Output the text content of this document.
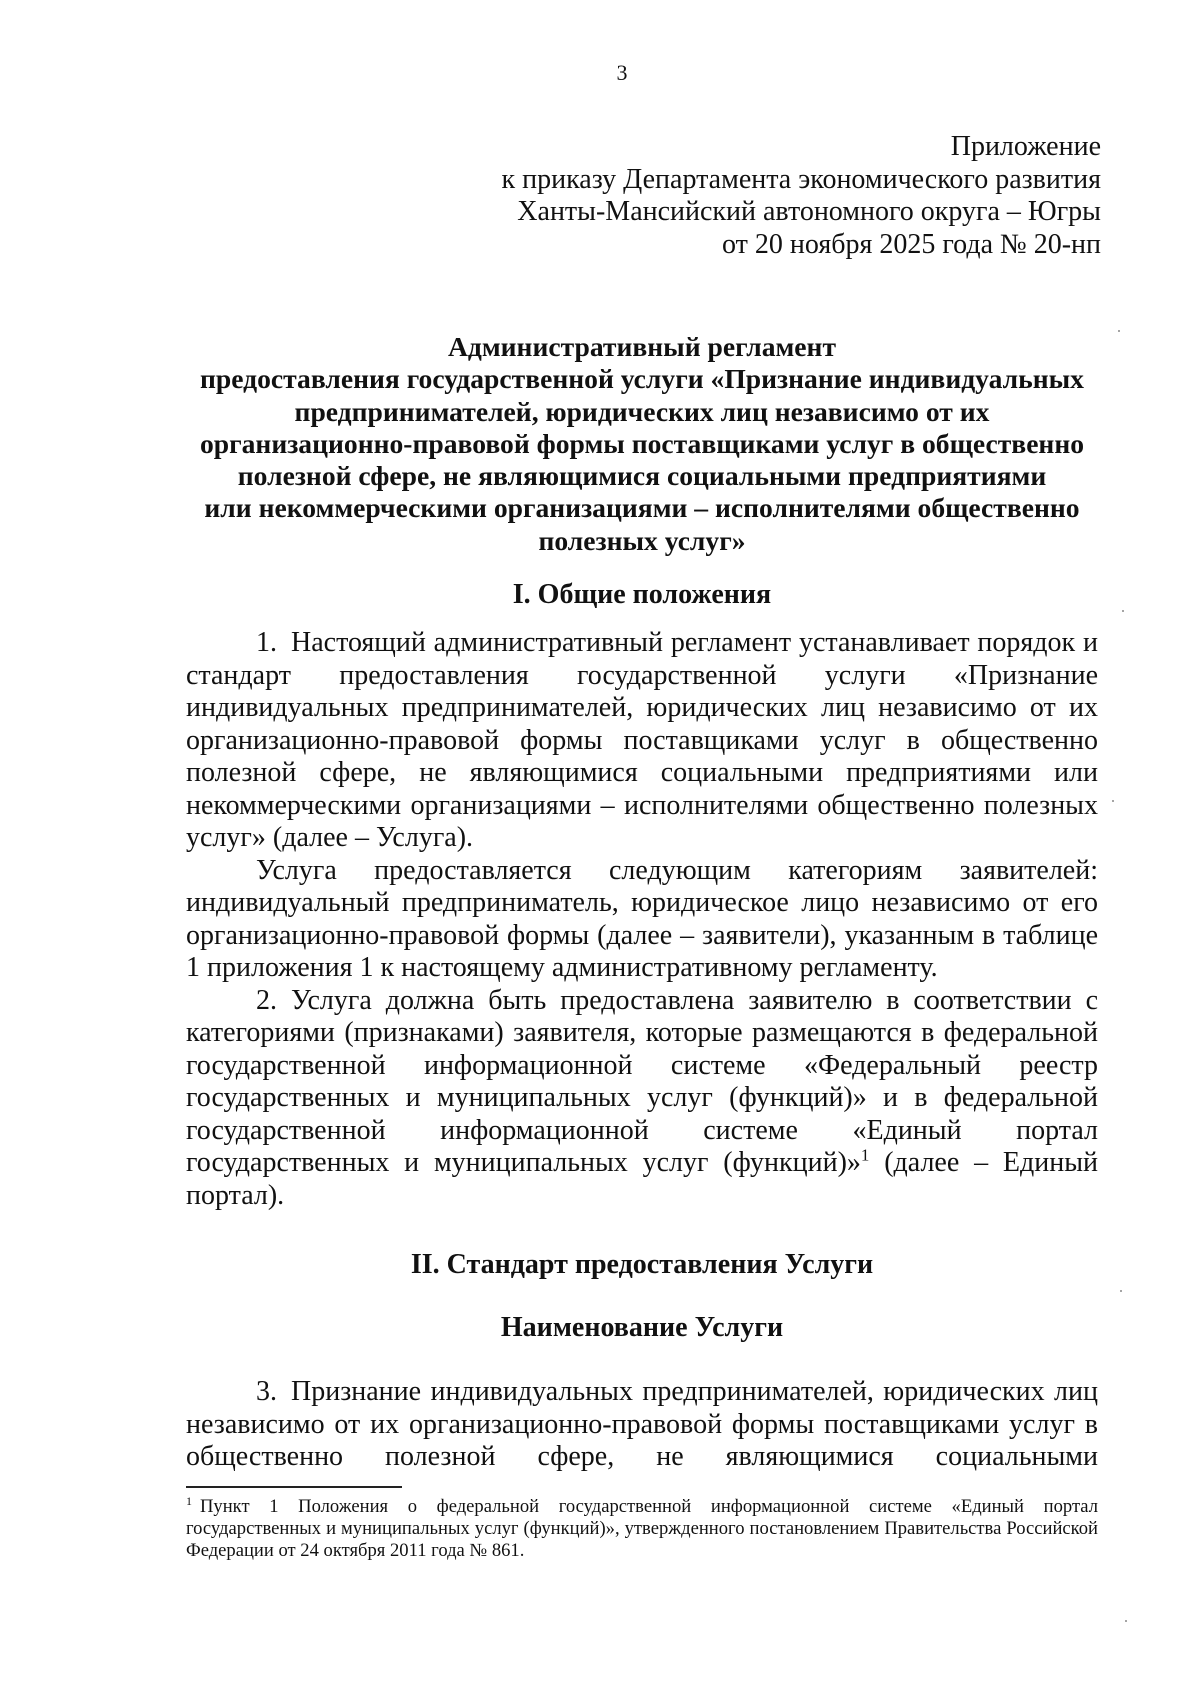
3
Приложение
к приказу Департамента экономического развития
Ханты-Мансийский автономного округа – Югры
от 20 ноября 2025 года № 20-нп
Административный регламент
предоставления государственной услуги «Признание индивидуальных
предпринимателей, юридических лиц независимо от их
организационно-правовой формы поставщиками услуг в общественно
полезной сфере, не являющимися социальными предприятиями
или некоммерческими организациями – исполнителями общественно
полезных услуг»
I. Общие положения

1. Настоящий административный регламент устанавливает порядок и стандарт предоставления государственной услуги «Признание индивидуальных предпринимателей, юридических лиц независимо от их организационно-правовой формы поставщиками услуг в общественно полезной сфере, не являющимися социальными предприятиями или некоммерческими организациями – исполнителями общественно полезных услуг» (далее – Услуга).

Услуга предоставляется следующим категориям заявителей: индивидуальный предприниматель, юридическое лицо независимо от его организационно-правовой формы (далее – заявители), указанным в таблице 1 приложения 1 к настоящему административному регламенту.

2. Услуга должна быть предоставлена заявителю в соответствии с категориями (признаками) заявителя, которые размещаются в федеральной государственной информационной системе «Федеральный реестр государственных и муниципальных услуг (функций)» и в федеральной государственной информационной системе «Единый портал государственных и муниципальных услуг (функций)»$^1$ (далее – Единый портал).

II. Стандарт предоставления Услуги
Наименование Услуги

3. Признание индивидуальных предпринимателей, юридических лиц независимо от их организационно-правовой формы поставщиками услуг в общественно полезной сфере, не являющимися социальными

$^1$ Пункт 1 Положения о федеральной государственной информационной системе «Единый портал государственных и муниципальных услуг (функций)», утвержденного постановлением Правительства Российской Федерации от 24 октября 2011 года № 861.
